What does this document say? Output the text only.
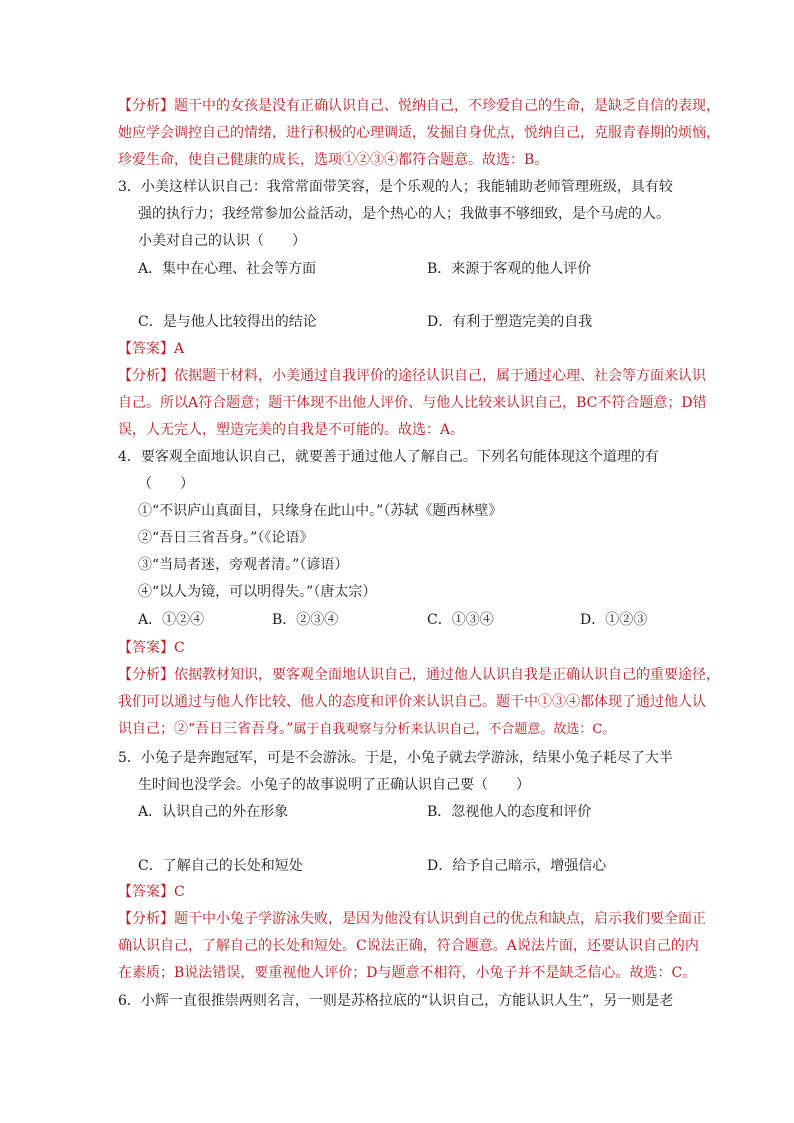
【分析】题干中的女孩是没有正确认识自己、悦纳自己，不珍爱自己的生命，是缺乏自信的表现，
她应学会调控自己的情绪，进行积极的心理调适，发掘自身优点，悦纳自己，克服青春期的烦恼，
珍爱生命，使自己健康的成长，选项①②③④都符合题意。故选：B。
3．小美这样认识自己：我常常面带笑容，是个乐观的人；我能辅助老师管理班级，具有较
强的执行力；我经常参加公益活动，是个热心的人；我做事不够细致，是个马虎的人。
小美对自己的认识（　　）
A．集中在心理、社会等方面	B．来源于客观的他人评价
C．是与他人比较得出的结论	D．有利于塑造完美的自我
【答案】A
【分析】依据题干材料，小美通过自我评价的途径认识自己，属于通过心理、社会等方面来认识
自己。所以A符合题意；题干体现不出他人评价、与他人比较来认识自己，BC不符合题意；D错
误，人无完人，塑造完美的自我是不可能的。故选：A。
4．要客观全面地认识自己，就要善于通过他人了解自己。下列名句能体现这个道理的有
（　　）
①“不识庐山真面目，只缘身在此山中。”（苏轼《题西林壁》
②“吾日三省吾身。”（《论语》
③“当局者迷，旁观者清。”（谚语）
④“以人为镜，可以明得失。”（唐太宗）
A．①②④	B．②③④	C．①③④	D．①②③
【答案】C
【分析】依据教材知识，要客观全面地认识自己，通过他人认识自我是正确认识自己的重要途径，
我们可以通过与他人作比较、他人的态度和评价来认识自己。题干中①③④都体现了通过他人认
识自己；②“吾日三省吾身。”属于自我观察与分析来认识自己，不合题意。故选：C。
5．小兔子是奔跑冠军，可是不会游泳。于是，小兔子就去学游泳，结果小兔子耗尽了大半
生时间也没学会。小兔子的故事说明了正确认识自己要（　　）
A．认识自己的外在形象	B．忽视他人的态度和评价
C．了解自己的长处和短处	D．给予自己暗示，增强信心
【答案】C
【分析】题干中小兔子学游泳失败，是因为他没有认识到自己的优点和缺点，启示我们要全面正
确认识自己，了解自己的长处和短处。C说法正确，符合题意。A说法片面，还要认识自己的内
在素质；B说法错误，要重视他人评价；D与题意不相符，小兔子并不是缺乏信心。故选：C。
6．小辉一直很推崇两则名言，一则是苏格拉底的“认识自己，方能认识人生”，另一则是老
